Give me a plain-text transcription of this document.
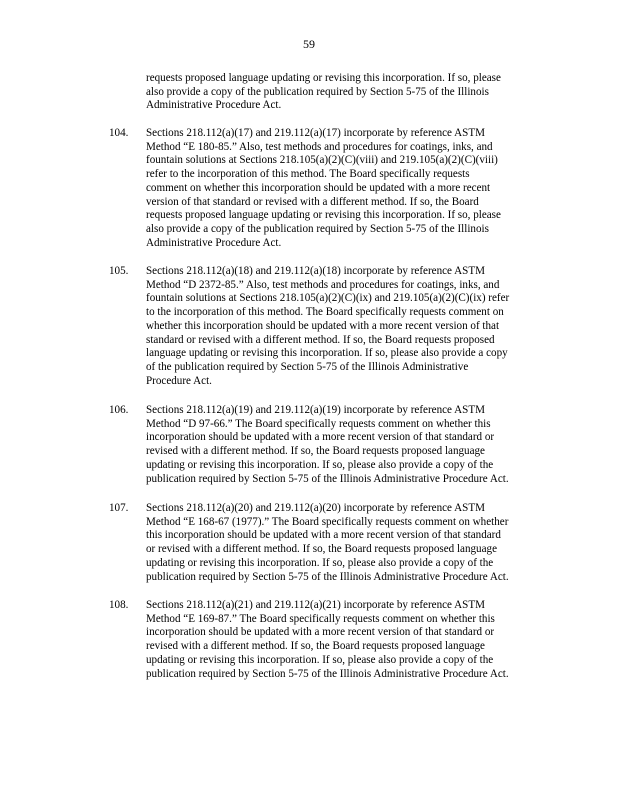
59
requests proposed language updating or revising this incorporation. If so, please
also provide a copy of the publication required by Section 5-75 of the Illinois
Administrative Procedure Act.
104. Sections 218.112(a)(17) and 219.112(a)(17) incorporate by reference ASTM
Method “E 180-85.” Also, test methods and procedures for coatings, inks, and
fountain solutions at Sections 218.105(a)(2)(C)(viii) and 219.105(a)(2)(C)(viii)
refer to the incorporation of this method. The Board specifically requests
comment on whether this incorporation should be updated with a more recent
version of that standard or revised with a different method. If so, the Board
requests proposed language updating or revising this incorporation. If so, please
also provide a copy of the publication required by Section 5-75 of the Illinois
Administrative Procedure Act.
105. Sections 218.112(a)(18) and 219.112(a)(18) incorporate by reference ASTM
Method “D 2372-85.” Also, test methods and procedures for coatings, inks, and
fountain solutions at Sections 218.105(a)(2)(C)(ix) and 219.105(a)(2)(C)(ix) refer
to the incorporation of this method. The Board specifically requests comment on
whether this incorporation should be updated with a more recent version of that
standard or revised with a different method. If so, the Board requests proposed
language updating or revising this incorporation. If so, please also provide a copy
of the publication required by Section 5-75 of the Illinois Administrative
Procedure Act.
106. Sections 218.112(a)(19) and 219.112(a)(19) incorporate by reference ASTM
Method “D 97-66.” The Board specifically requests comment on whether this
incorporation should be updated with a more recent version of that standard or
revised with a different method. If so, the Board requests proposed language
updating or revising this incorporation. If so, please also provide a copy of the
publication required by Section 5-75 of the Illinois Administrative Procedure Act.
107. Sections 218.112(a)(20) and 219.112(a)(20) incorporate by reference ASTM
Method “E 168-67 (1977).” The Board specifically requests comment on whether
this incorporation should be updated with a more recent version of that standard
or revised with a different method. If so, the Board requests proposed language
updating or revising this incorporation. If so, please also provide a copy of the
publication required by Section 5-75 of the Illinois Administrative Procedure Act.
108. Sections 218.112(a)(21) and 219.112(a)(21) incorporate by reference ASTM
Method “E 169-87.” The Board specifically requests comment on whether this
incorporation should be updated with a more recent version of that standard or
revised with a different method. If so, the Board requests proposed language
updating or revising this incorporation. If so, please also provide a copy of the
publication required by Section 5-75 of the Illinois Administrative Procedure Act.
